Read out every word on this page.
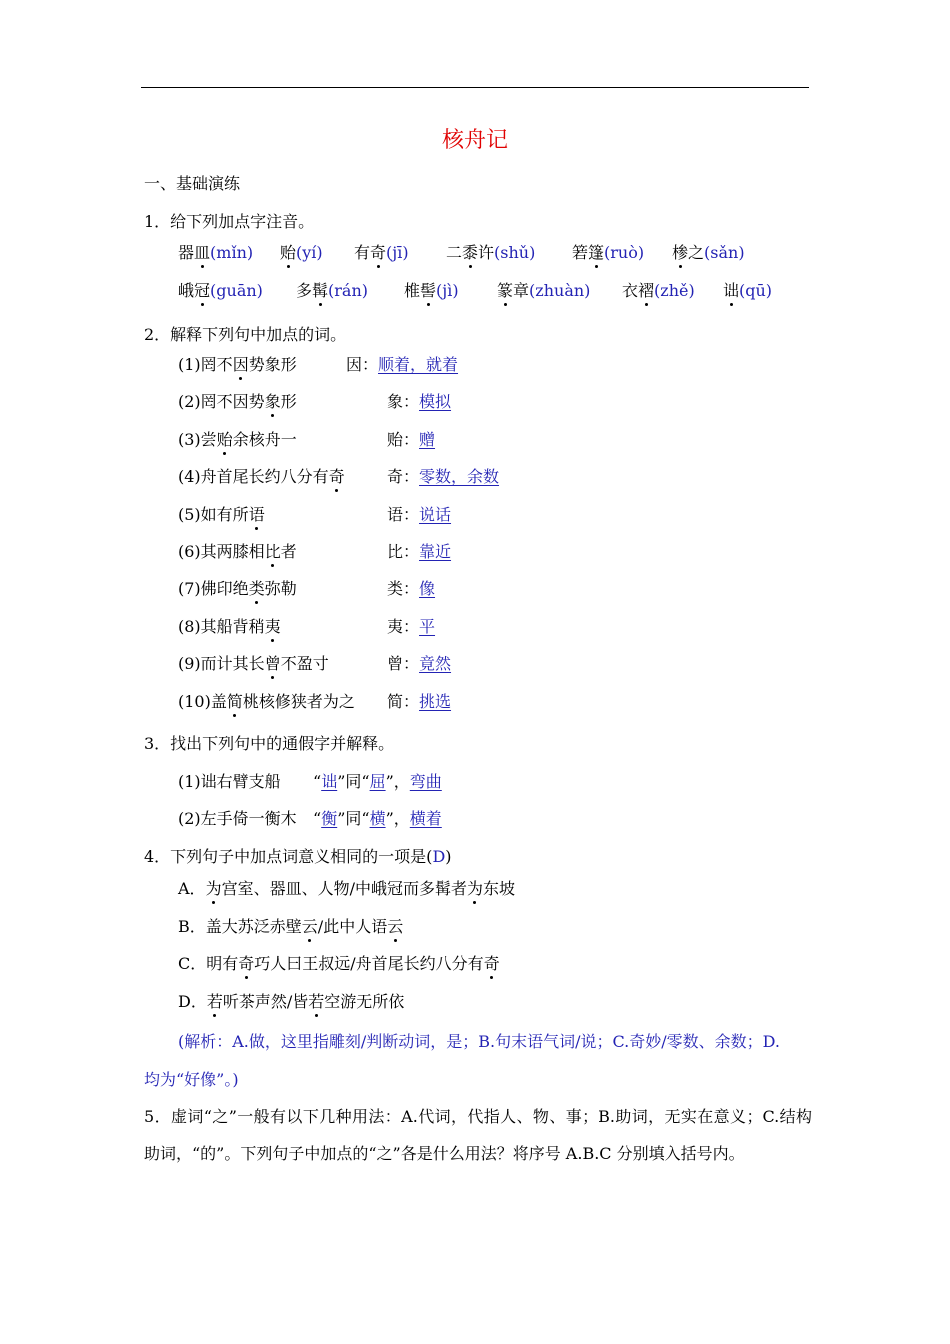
核舟记
一、基础演练
1．给下列加点字注音。
器皿(mǐn) 贻(yí) 有奇(jī) 二黍许(shǔ) 箬篷(ruò) 椮之(sǎn)
峨冠(guān) 多髯(rán) 椎髻(jì) 篆章(zhuàn) 衣褶(zhě) 诎(qū)
2．解释下列句中加点的词。
(1)罔不因势象形	因：顺着，就着
(2)罔不因势象形	象：模拟
(3)尝贻余核舟一	贻：赠
(4)舟首尾长约八分有奇	奇：零数，余数
(5)如有所语	语：说话
(6)其两膝相比者	比：靠近
(7)佛印绝类弥勒	类：像
(8)其船背稍夷	夷：平
(9)而计其长曾不盈寸	曾：竟然
(10)盖简桃核修狭者为之 简：挑选
3．找出下列句中的通假字并解释。
(1)诎右臂支船 “诎”同“屈”，弯曲
(2)左手倚一衡木 “衡”同“横”，横着
4．下列句子中加点词意义相同的一项是(D)
A．为宫室、器皿、人物/中峨冠而多髯者为东坡
B．盖大苏泛赤壁云/此中人语云
C．明有奇巧人曰王叔远/舟首尾长约八分有奇
D．若听茶声然/皆若空游无所依
(解析：A.做，这里指雕刻/判断动词，是；B.句末语气词/说；C.奇妙/零数、余数；D.
均为“好像”。)
5．虚词“之”一般有以下几种用法：A.代词，代指人、物、事；B.助词，无实在意义；C.结构助词，“的”。下列句子中加点的“之”各是什么用法？将序号 A.B.C 分别填入括号内。
